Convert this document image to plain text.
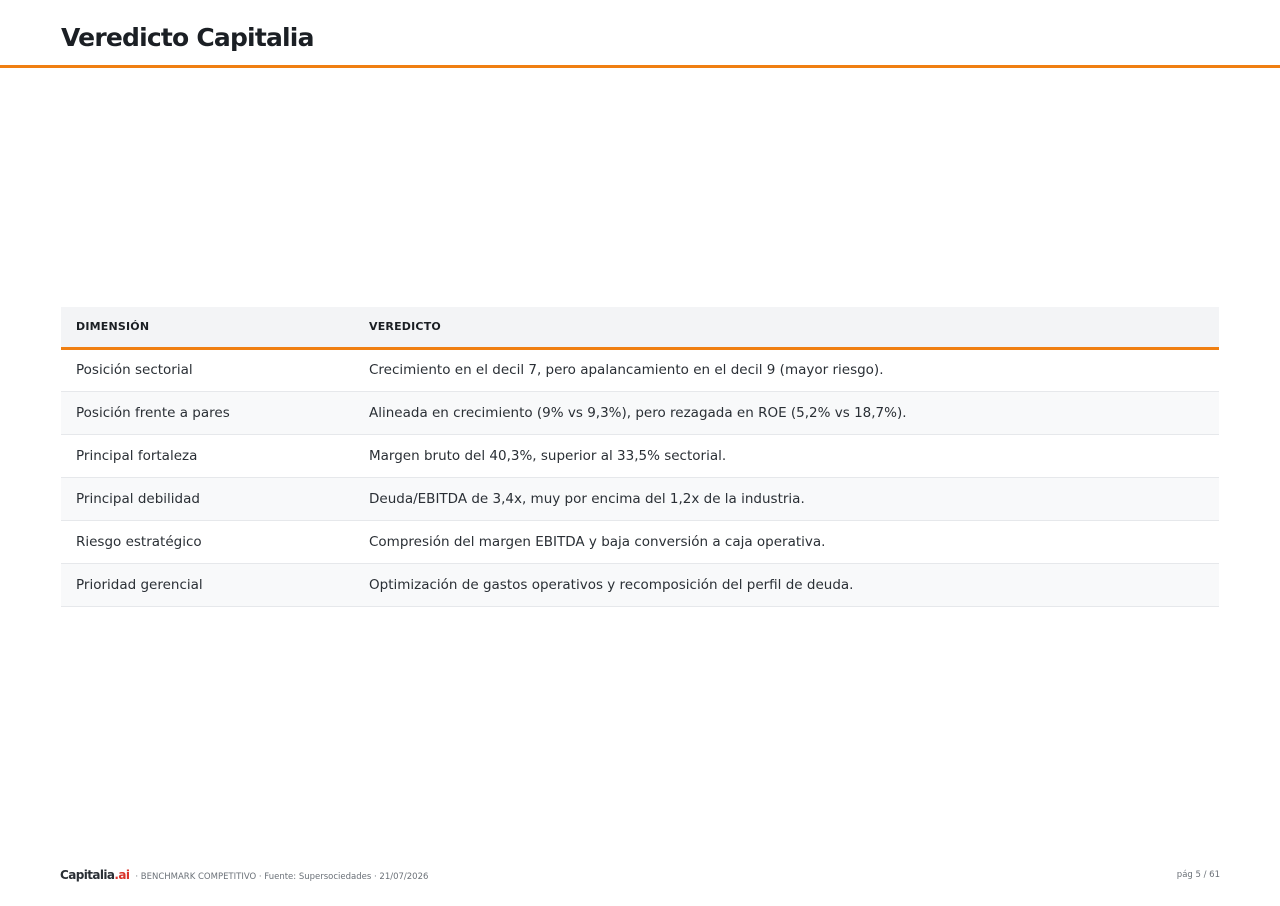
Veredicto Capitalia
DIMENSIÓN	VEREDICTO
Posición sectorial	Crecimiento en el decil 7, pero apalancamiento en el decil 9 (mayor riesgo).
Posición frente a pares	Alineada en crecimiento (9% vs 9,3%), pero rezagada en ROE (5,2% vs 18,7%).
Principal fortaleza	Margen bruto del 40,3%, superior al 33,5% sectorial.
Principal debilidad	Deuda/EBITDA de 3,4x, muy por encima del 1,2x de la industria.
Riesgo estratégico	Compresión del margen EBITDA y baja conversión a caja operativa.
Prioridad gerencial	Optimización de gastos operativos y recomposición del perfil de deuda.
Capitalia.ai · BENCHMARK COMPETITIVO · Fuente: Supersociedades · 21/07/2026	pág 5 / 61
